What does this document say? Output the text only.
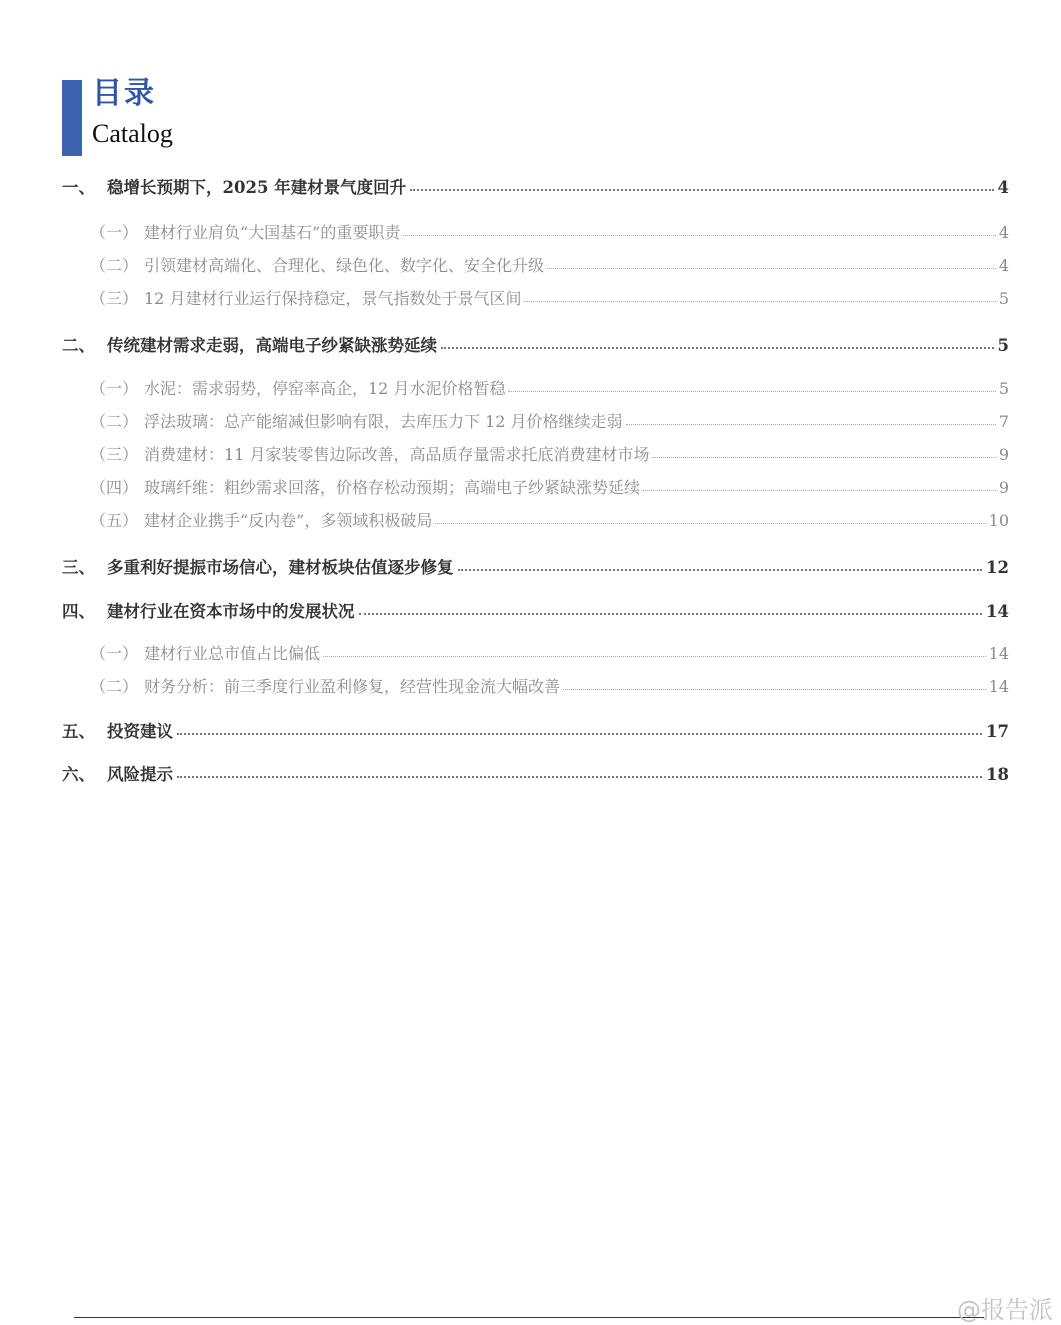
目录
Catalog
一、 稳增长预期下，2025 年建材景气度回升	4
（一） 建材行业肩负“大国基石”的重要职责	4
（二） 引领建材高端化、合理化、绿色化、数字化、安全化升级	4
（三） 12 月建材行业运行保持稳定，景气指数处于景气区间	5
二、 传统建材需求走弱，高端电子纱紧缺涨势延续	5
（一） 水泥：需求弱势，停窑率高企，12 月水泥价格暂稳	5
（二） 浮法玻璃：总产能缩减但影响有限，去库压力下 12 月价格继续走弱	7
（三） 消费建材：11 月家装零售边际改善，高品质存量需求托底消费建材市场	9
（四） 玻璃纤维：粗纱需求回落，价格存松动预期；高端电子纱紧缺涨势延续	9
（五） 建材企业携手“反内卷”，多领域积极破局	10
三、 多重利好提振市场信心，建材板块估值逐步修复	12
四、 建材行业在资本市场中的发展状况	14
（一） 建材行业总市值占比偏低	14
（二） 财务分析：前三季度行业盈利修复，经营性现金流大幅改善	14
五、 投资建议	17
六、 风险提示	18
@报告派
